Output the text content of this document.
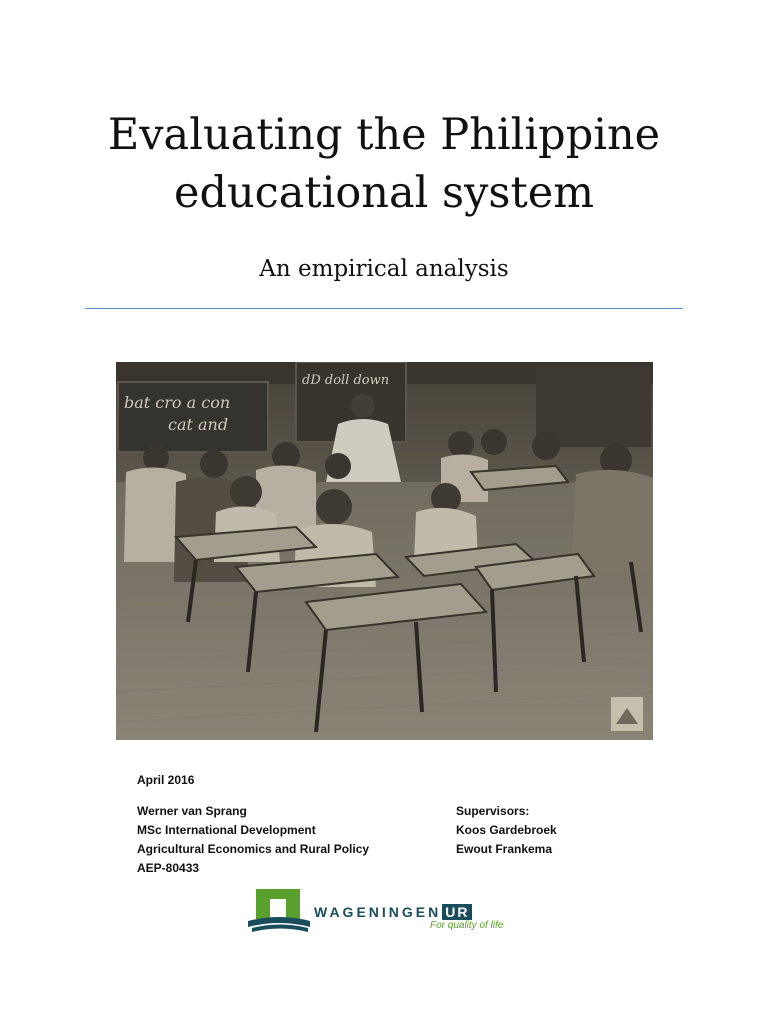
Evaluating the Philippine
educational system
An empirical analysis
bat cro a con
cat and
dD doll down
April 2016
Werner van Sprang
MSc International Development
Agricultural Economics and Rural Policy
AEP-80433
Supervisors:
Koos Gardebroek
Ewout Frankema
WAGENINGEN UR
For quality of life
